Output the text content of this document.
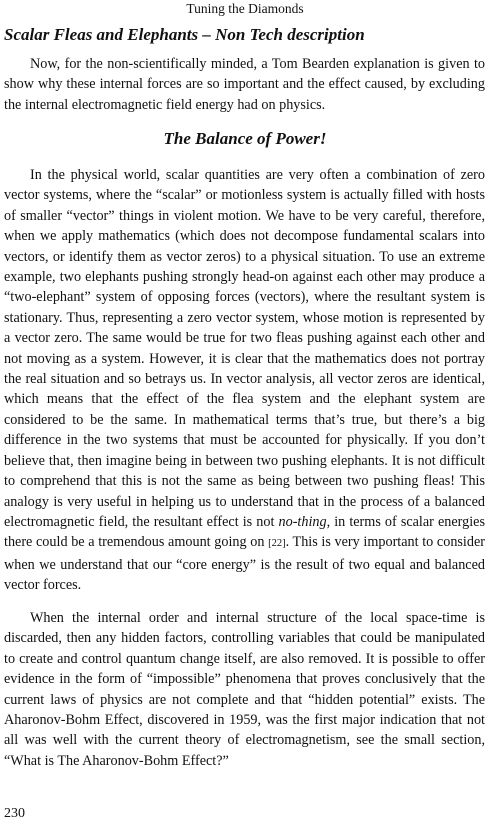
Tuning the Diamonds
Scalar Fleas and Elephants – Non Tech description

Now, for the non-scientifically minded, a Tom Bearden explanation is given to show why these internal forces are so important and the effect caused, by excluding the internal electromagnetic field energy had on physics.

The Balance of Power!

In the physical world, scalar quantities are very often a combination of zero vector systems, where the “scalar” or motionless system is actually filled with hosts of smaller “vector” things in violent motion. We have to be very careful, therefore, when we apply mathematics (which does not decompose fundamental scalars into vectors, or identify them as vector zeros) to a physical situation. To use an extreme example, two elephants pushing strongly head-on against each other may produce a “two-elephant” system of opposing forces (vectors), where the resultant system is stationary. Thus, representing a zero vector system, whose motion is represented by a vector zero. The same would be true for two fleas pushing against each other and not moving as a system. However, it is clear that the mathematics does not portray the real situation and so betrays us. In vector analysis, all vector zeros are identical, which means that the effect of the flea system and the elephant system are considered to be the same. In mathematical terms that’s true, but there’s a big difference in the two systems that must be accounted for physically. If you don’t believe that, then imagine being in between two pushing elephants. It is not difficult to comprehend that this is not the same as being between two pushing fleas! This analogy is very useful in helping us to understand that in the process of a balanced electromagnetic field, the resultant effect is not no-thing, in terms of scalar energies there could be a tremendous amount going on [22]. This is very important to consider when we understand that our “core energy” is the result of two equal and balanced vector forces.

When the internal order and internal structure of the local space-time is discarded, then any hidden factors, controlling variables that could be manipulated to create and control quantum change itself, are also removed. It is possible to offer evidence in the form of “impossible” phenomena that proves conclusively that the current laws of physics are not complete and that “hidden potential” exists. The Aharonov-Bohm Effect, discovered in 1959, was the first major indication that not all was well with the current theory of electromagnetism, see the small section, “What is The Aharonov-Bohm Effect?”

230
